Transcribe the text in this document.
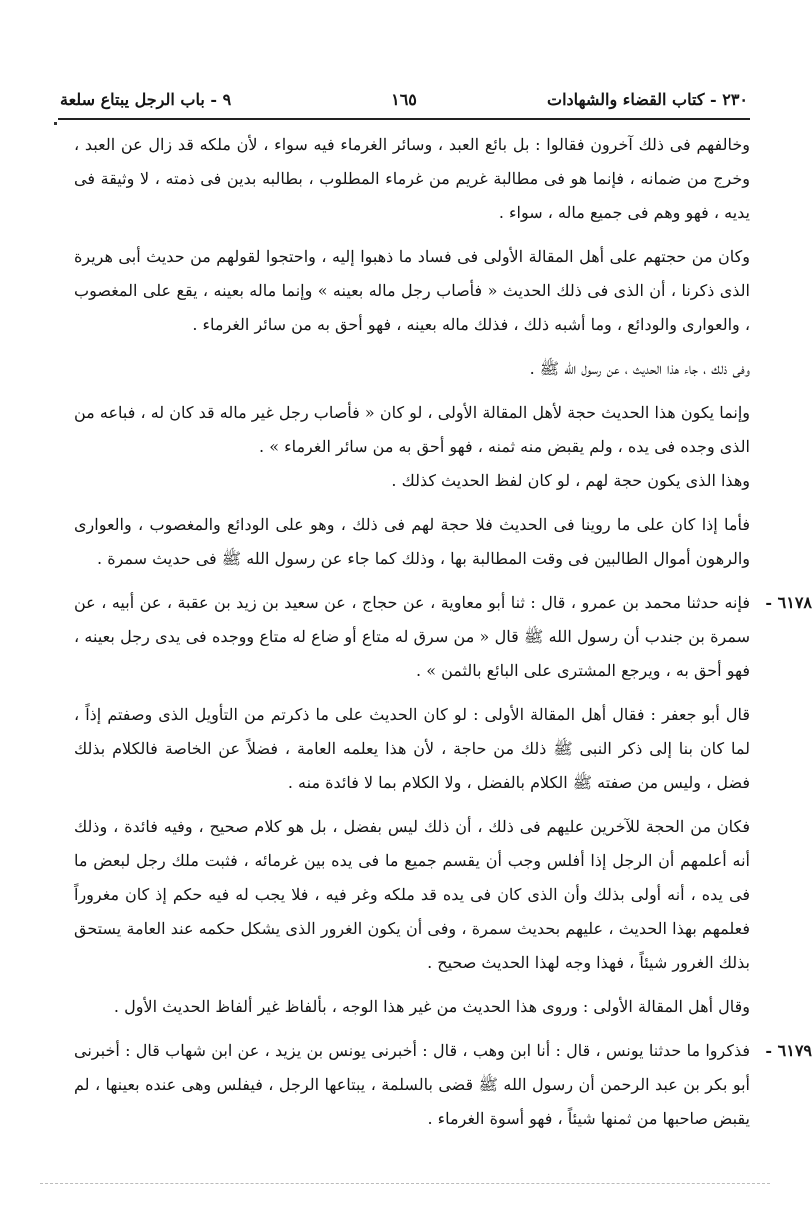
٢٣٠ - كتاب القضاء والشهادات
١٦٥
٩ - باب الرجل يبتاع سلعة

وخالفهم فى ذلك آخرون فقالوا : بل بائع العبد ، وسائر الغرماء فيه سواء ، لأن ملكه قد زال عن العبد ، وخرج من ضمانه ، فإنما هو فى مطالبة غريم من غرماء المطلوب ، بطالبه بدين فى ذمته ، لا وثيقة فى يديه ، فهو وهم فى جميع ماله ، سواء .

وكان من حجتهم على أهل المقالة الأولى فى فساد ما ذهبوا إليه ، واحتجوا لقولهم من حديث أبى هريرة الذى ذكرنا ، أن الذى فى ذلك الحديث « فأصاب رجل ماله بعينه » وإنما ماله بعينه ، يقع على المغصوب ، والعوارى والودائع ، وما أشبه ذلك ، فذلك ماله بعينه ، فهو أحق به من سائر الغرماء .

وفى ذلك ، جاء هذا الحديث ، عن رسول الله ﷺ .

وإنما يكون هذا الحديث حجة لأهل المقالة الأولى ، لو كان « فأصاب رجل غير ماله قد كان له ، فباعه من الذى وجده فى يده ، ولم يقبض منه ثمنه ، فهو أحق به من سائر الغرماء » .

وهذا الذى يكون حجة لهم ، لو كان لفظ الحديث كذلك .

فأما إذا كان على ما روينا فى الحديث فلا حجة لهم فى ذلك ، وهو على الودائع والمغصوب ، والعوارى والرهون أموال الطالبين فى وقت المطالبة بها ، وذلك كما جاء عن رسول الله ﷺ فى حديث سمرة .

٦١٧٨ -

فإنه حدثنا محمد بن عمرو ، قال : ثنا أبو معاوية ، عن حجاج ، عن سعيد بن زيد بن عقبة ، عن أبيه ، عن سمرة بن جندب أن رسول الله ﷺ قال « من سرق له متاع أو ضاع له متاع ووجده فى يدى رجل بعينه ، فهو أحق به ، ويرجع المشترى على البائع بالثمن » .

قال أبو جعفر : فقال أهل المقالة الأولى : لو كان الحديث على ما ذكرتم من التأويل الذى وصفتم إذاً ، لما كان بنا إلى ذكر النبى ﷺ ذلك من حاجة ، لأن هذا يعلمه العامة ، فضلاً عن الخاصة فالكلام بذلك فضل ، وليس من صفته ﷺ الكلام بالفضل ، ولا الكلام بما لا فائدة منه .

فكان من الحجة للآخرين عليهم فى ذلك ، أن ذلك ليس بفضل ، بل هو كلام صحيح ، وفيه فائدة ، وذلك أنه أعلمهم أن الرجل إذا أفلس وجب أن يقسم جميع ما فى يده بين غرمائه ، فثبت ملك رجل لبعض ما فى يده ، أنه أولى بذلك وأن الذى كان فى يده قد ملكه وغر فيه ، فلا يجب له فيه حكم إذ كان مغروراً فعلمهم بهذا الحديث ، عليهم بحديث سمرة ، وفى أن يكون الغرور الذى يشكل حكمه عند العامة يستحق بذلك الغرور شيئاً ، فهذا وجه لهذا الحديث صحيح .

وقال أهل المقالة الأولى : وروى هذا الحديث من غير هذا الوجه ، بألفاظ غير ألفاظ الحديث الأول .

٦١٧٩ -

فذكروا ما حدثنا يونس ، قال : أنا ابن وهب ، قال : أخبرنى يونس بن يزيد ، عن ابن شهاب قال : أخبرنى أبو بكر بن عبد الرحمن أن رسول الله ﷺ قضى بالسلمة ، يبتاعها الرجل ، فيفلس وهى عنده بعينها ، لم يقبض صاحبها من ثمنها شيئاً ، فهو أسوة الغرماء .
